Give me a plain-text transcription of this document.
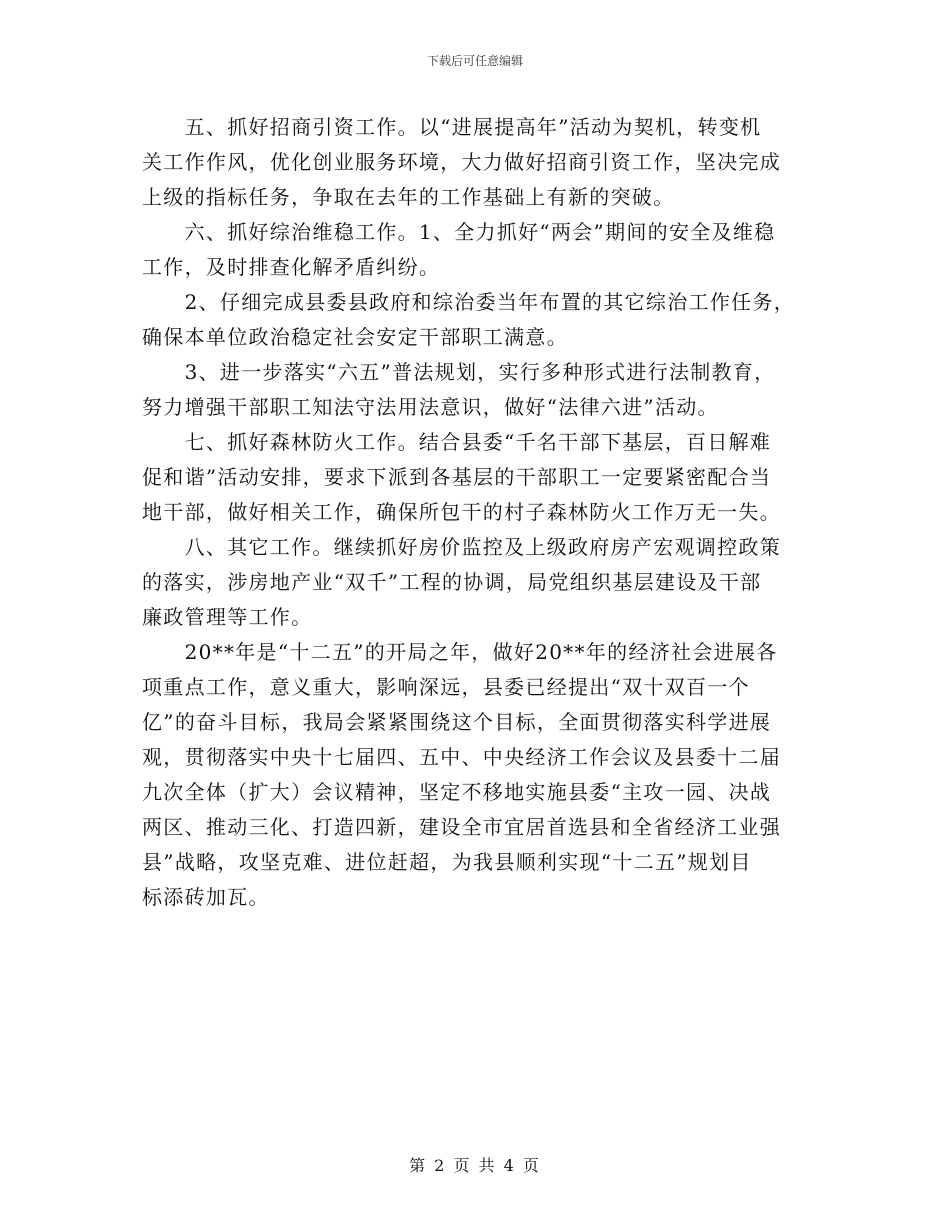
下载后可任意编辑
　　五、抓好招商引资工作。以“进展提高年”活动为契机，转变机
关工作作风，优化创业服务环境，大力做好招商引资工作，坚决完成
上级的指标任务，争取在去年的工作基础上有新的突破。
　　六、抓好综治维稳工作。1、全力抓好“两会”期间的安全及维稳
工作，及时排查化解矛盾纠纷。
　　2、仔细完成县委县政府和综治委当年布置的其它综治工作任务，
确保本单位政治稳定社会安定干部职工满意。
　　3、进一步落实“六五”普法规划，实行多种形式进行法制教育，
努力增强干部职工知法守法用法意识，做好“法律六进”活动。
　　七、抓好森林防火工作。结合县委“千名干部下基层，百日解难
促和谐”活动安排，要求下派到各基层的干部职工一定要紧密配合当
地干部，做好相关工作，确保所包干的村子森林防火工作万无一失。
　　八、其它工作。继续抓好房价监控及上级政府房产宏观调控政策
的落实，涉房地产业“双千”工程的协调，局党组织基层建设及干部
廉政管理等工作。
　　20**年是“十二五”的开局之年，做好20**年的经济社会进展各
项重点工作，意义重大，影响深远，县委已经提出“双十双百一个
亿”的奋斗目标，我局会紧紧围绕这个目标，全面贯彻落实科学进展
观，贯彻落实中央十七届四、五中、中央经济工作会议及县委十二届
九次全体（扩大）会议精神，坚定不移地实施县委“主攻一园、决战
两区、推动三化、打造四新，建设全市宜居首选县和全省经济工业强
县”战略，攻坚克难、进位赶超，为我县顺利实现“十二五”规划目
标添砖加瓦。
第 2 页 共 4 页
